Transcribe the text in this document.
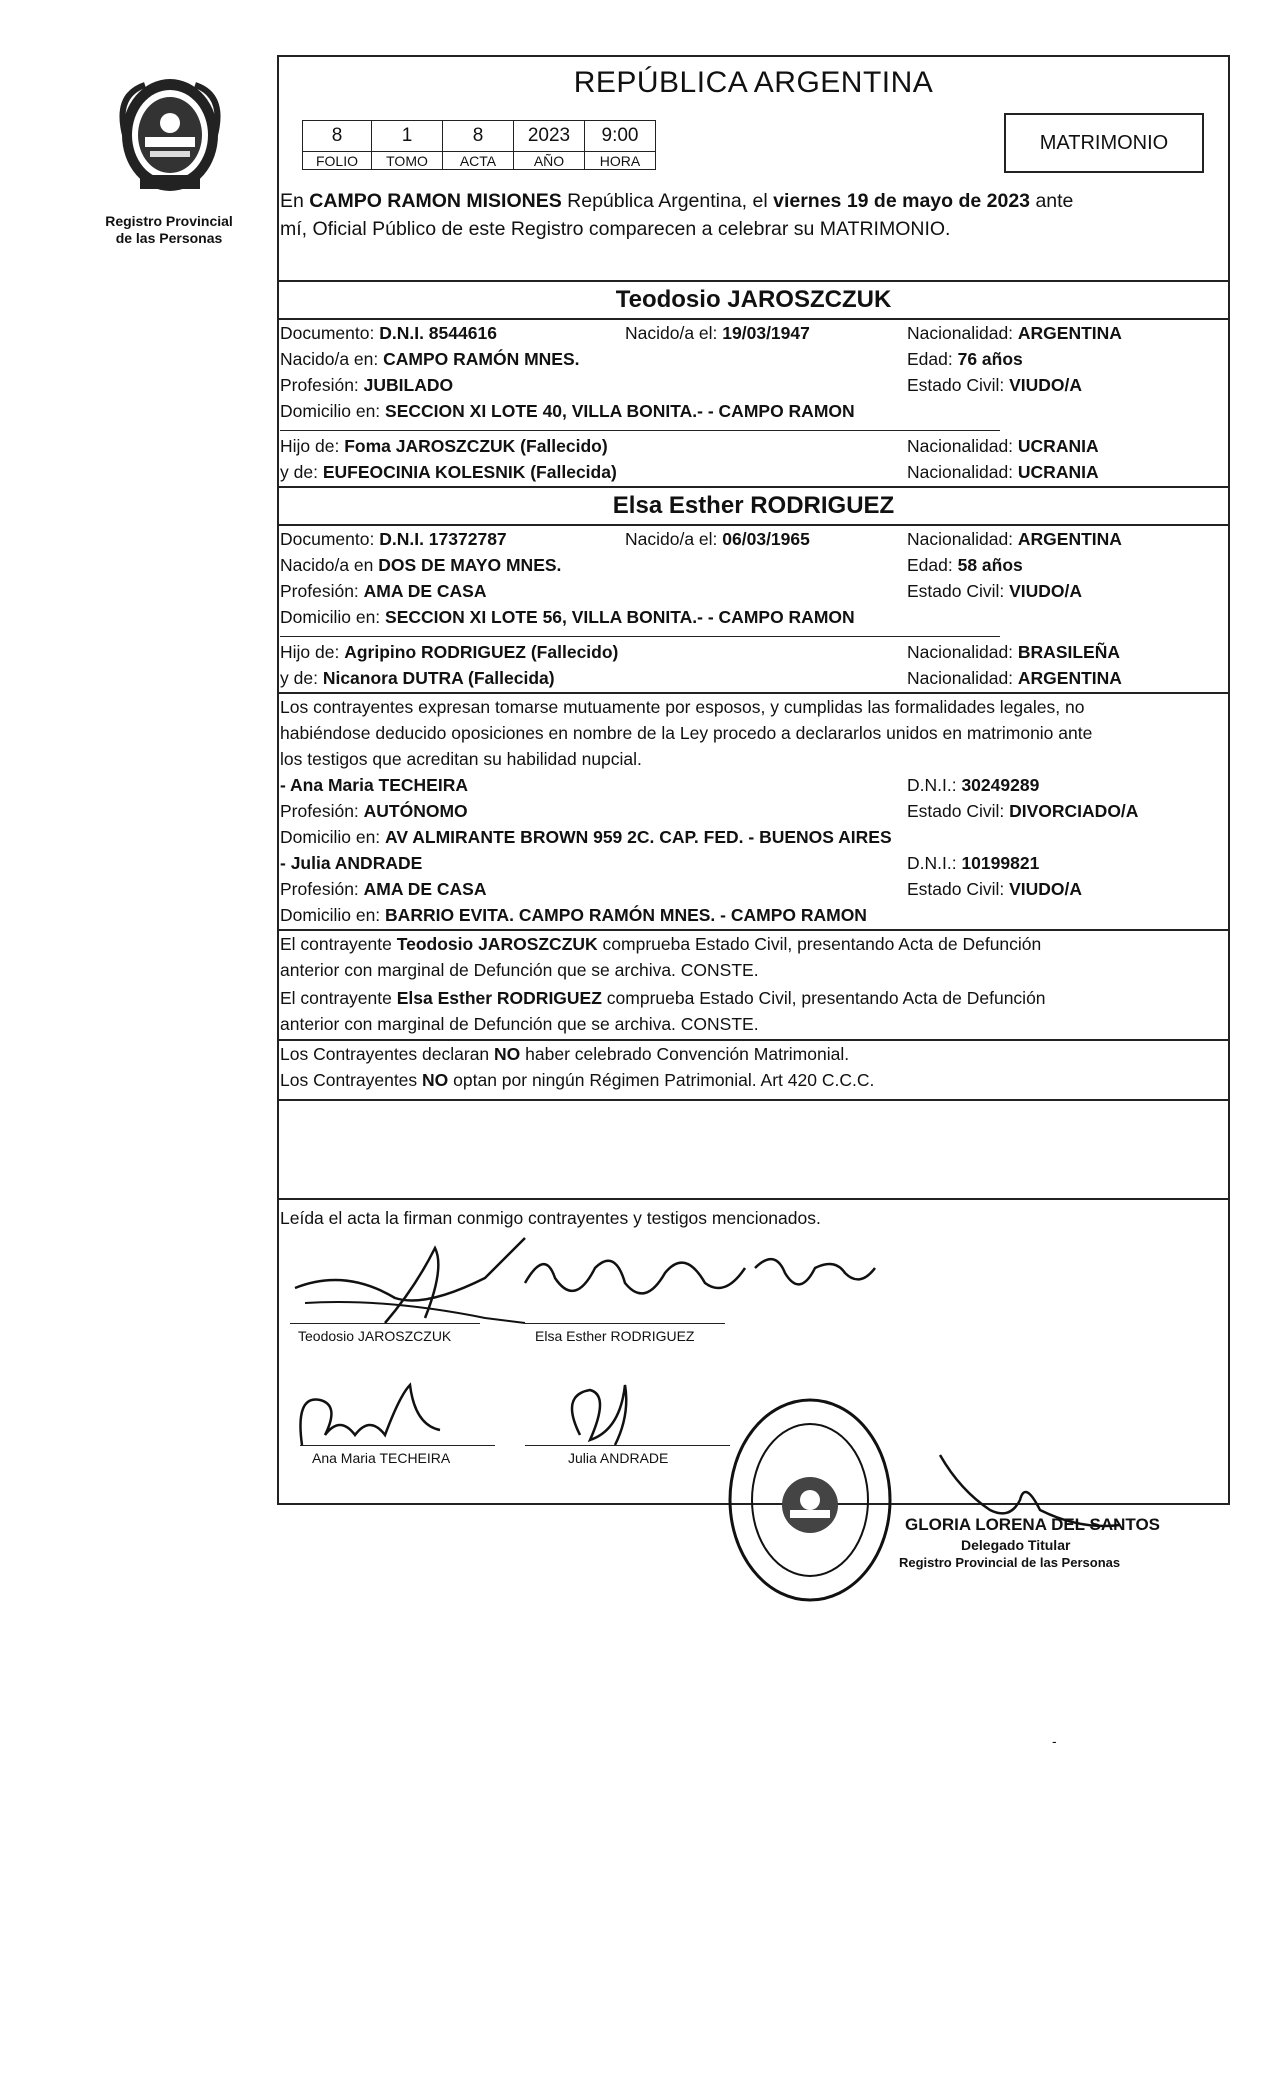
Registro Provincial
de las Personas
REPÚBLICA ARGENTINA
8	1	8	2023	9:00
FOLIO	TOMO	ACTA	AÑO	HORA
MATRIMONIO
En CAMPO RAMON MISIONES República Argentina, el viernes 19 de mayo de 2023 ante
mí, Oficial Público de este Registro comparecen a celebrar su MATRIMONIO.
Teodosio JAROSZCZUK
Documento: D.N.I. 8544616	Nacido/a el: 19/03/1947	Nacionalidad: ARGENTINA
Nacido/a en: CAMPO RAMÓN MNES.	Edad: 76 años
Profesión: JUBILADO	Estado Civil: VIUDO/A
Domicilio en: SECCION XI LOTE 40, VILLA BONITA.- - CAMPO RAMON
Hijo de: Foma JAROSZCZUK (Fallecido)	Nacionalidad: UCRANIA
y de: EUFEOCINIA KOLESNIK (Fallecida)	Nacionalidad: UCRANIA
Elsa Esther RODRIGUEZ
Documento: D.N.I. 17372787	Nacido/a el: 06/03/1965	Nacionalidad: ARGENTINA
Nacido/a en DOS DE MAYO MNES.	Edad: 58 años
Profesión: AMA DE CASA	Estado Civil: VIUDO/A
Domicilio en: SECCION XI LOTE 56, VILLA BONITA.- - CAMPO RAMON
Hijo de: Agripino RODRIGUEZ (Fallecido)	Nacionalidad: BRASILEÑA
y de: Nicanora DUTRA (Fallecida)	Nacionalidad: ARGENTINA
Los contrayentes expresan tomarse mutuamente por esposos, y cumplidas las formalidades legales, no
habiéndose deducido oposiciones en nombre de la Ley procedo a declararlos unidos en matrimonio ante
los testigos que acreditan su habilidad nupcial.
- Ana Maria TECHEIRA	D.N.I.: 30249289
Profesión: AUTÓNOMO	Estado Civil: DIVORCIADO/A
Domicilio en: AV ALMIRANTE BROWN 959 2C. CAP. FED. - BUENOS AIRES
- Julia ANDRADE	D.N.I.: 10199821
Profesión: AMA DE CASA	Estado Civil: VIUDO/A
Domicilio en: BARRIO EVITA. CAMPO RAMÓN MNES. - CAMPO RAMON
El contrayente Teodosio JAROSZCZUK comprueba Estado Civil, presentando Acta de Defunción
anterior con marginal de Defunción que se archiva. CONSTE.
El contrayente Elsa Esther RODRIGUEZ comprueba Estado Civil, presentando Acta de Defunción
anterior con marginal de Defunción que se archiva. CONSTE.
Los Contrayentes declaran NO haber celebrado Convención Matrimonial.
Los Contrayentes NO optan por ningún Régimen Patrimonial. Art 420 C.C.C.
Leída el acta la firman conmigo contrayentes y testigos mencionados.
Teodosio JAROSZCZUK	Elsa Esther RODRIGUEZ
Ana Maria TECHEIRA	Julia ANDRADE
GLORIA LORENA DEL SANTOS
Delegado Titular
Registro Provincial de las Personas
-
